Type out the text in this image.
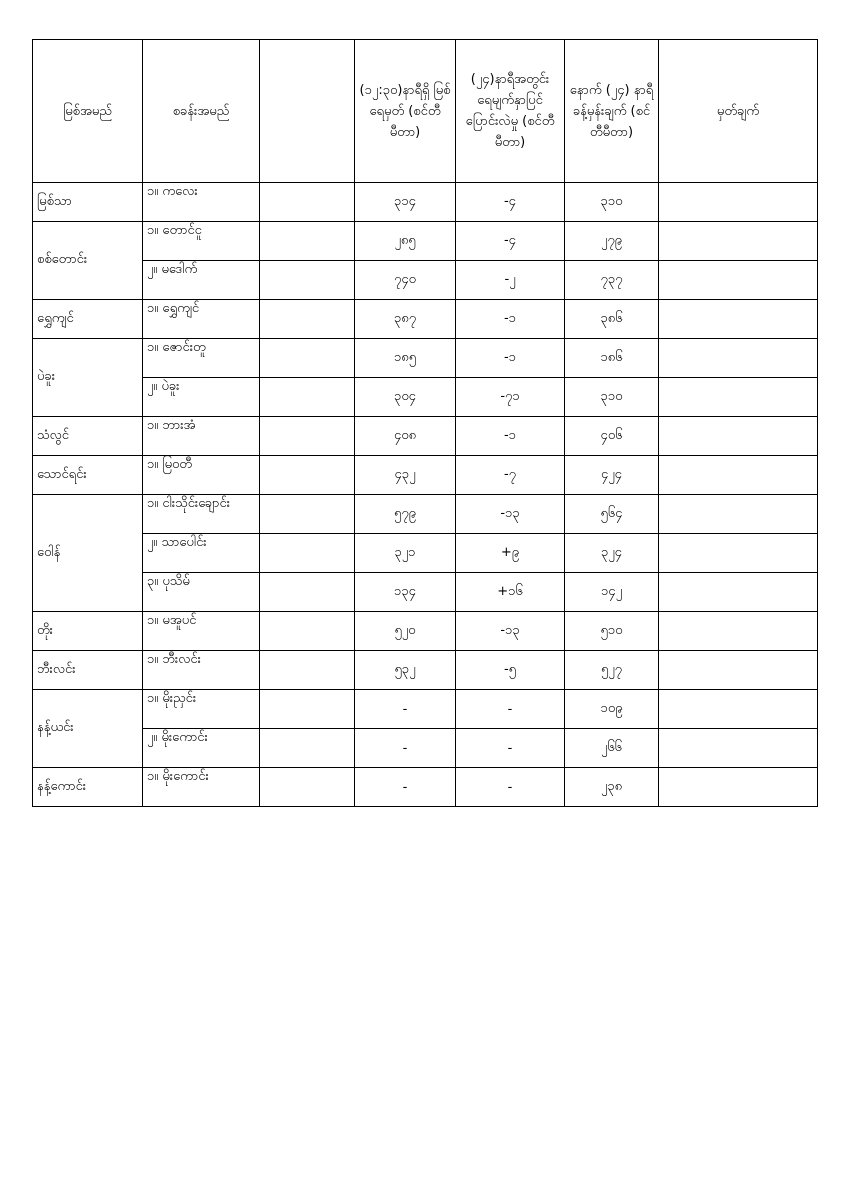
မြစ်အမည်	စခန်းအမည်		(၁၂:၃၀)နာရီရှိ မြစ်ရေမှတ် (စင်တီမီတာ)	(၂၄)နာရီအတွင်း ရေမျက်နှာပြင် ပြောင်းလဲမှု (စင်တီမီတာ)	နောက် (၂၄) နာရီ ခန့်မှန်းချက် (စင်တီမီတာ)	မှတ်ချက်
မြစ်သာ	၁။ ကလေး		၃၁၄	-၄	၃၁၀	
စစ်တောင်း	၁။ တောင်ငူ		၂၈၅	-၄	၂၇၉	
	၂။ မဒေါက်		၇၄၀	-၂	၇၃၇	
ရွှေကျင်	၁။ ရွှေကျင်		၃၈၇	-၁	၃၈၆	
ပဲခူး	၁။ ဇောင်းတူ		၁၈၅	-၁	၁၈၆	
	၂။ ပဲခူး		၃၀၄	-၇၁	၃၁၀	
သံလွင်	၁။ ဘားအံ		၄၀၈	-၁	၄၀၆	
သောင်ရင်း	၁။ မြဝတီ		၄၃၂	-၇	၄၂၄	
ဝေါန်	၁။ ငါးသိုင်းချောင်း		၅၇၉	-၁၃	၅၆၄	
	၂။ သာပေါင်း		၃၂၁	+၉	၃၂၄	
	၃။ ပုသိမ်		၁၃၄	+၁၆	၁၄၂	
တိုး	၁။ မအူပင်		၅၂၀	-၁၃	၅၁၀	
ဘီးလင်း	၁။ ဘီးလင်း		၅၃၂	-၅	၅၂၇	
နန့်ယင်း	၁။ မိုးညှင်း		-	-	၁၀၉	
	၂။ မိုးကောင်း		-	-	၂၆၆	
နန့်ကောင်း	၁။ မိုးကောင်း		-	-	၂၃၈	
